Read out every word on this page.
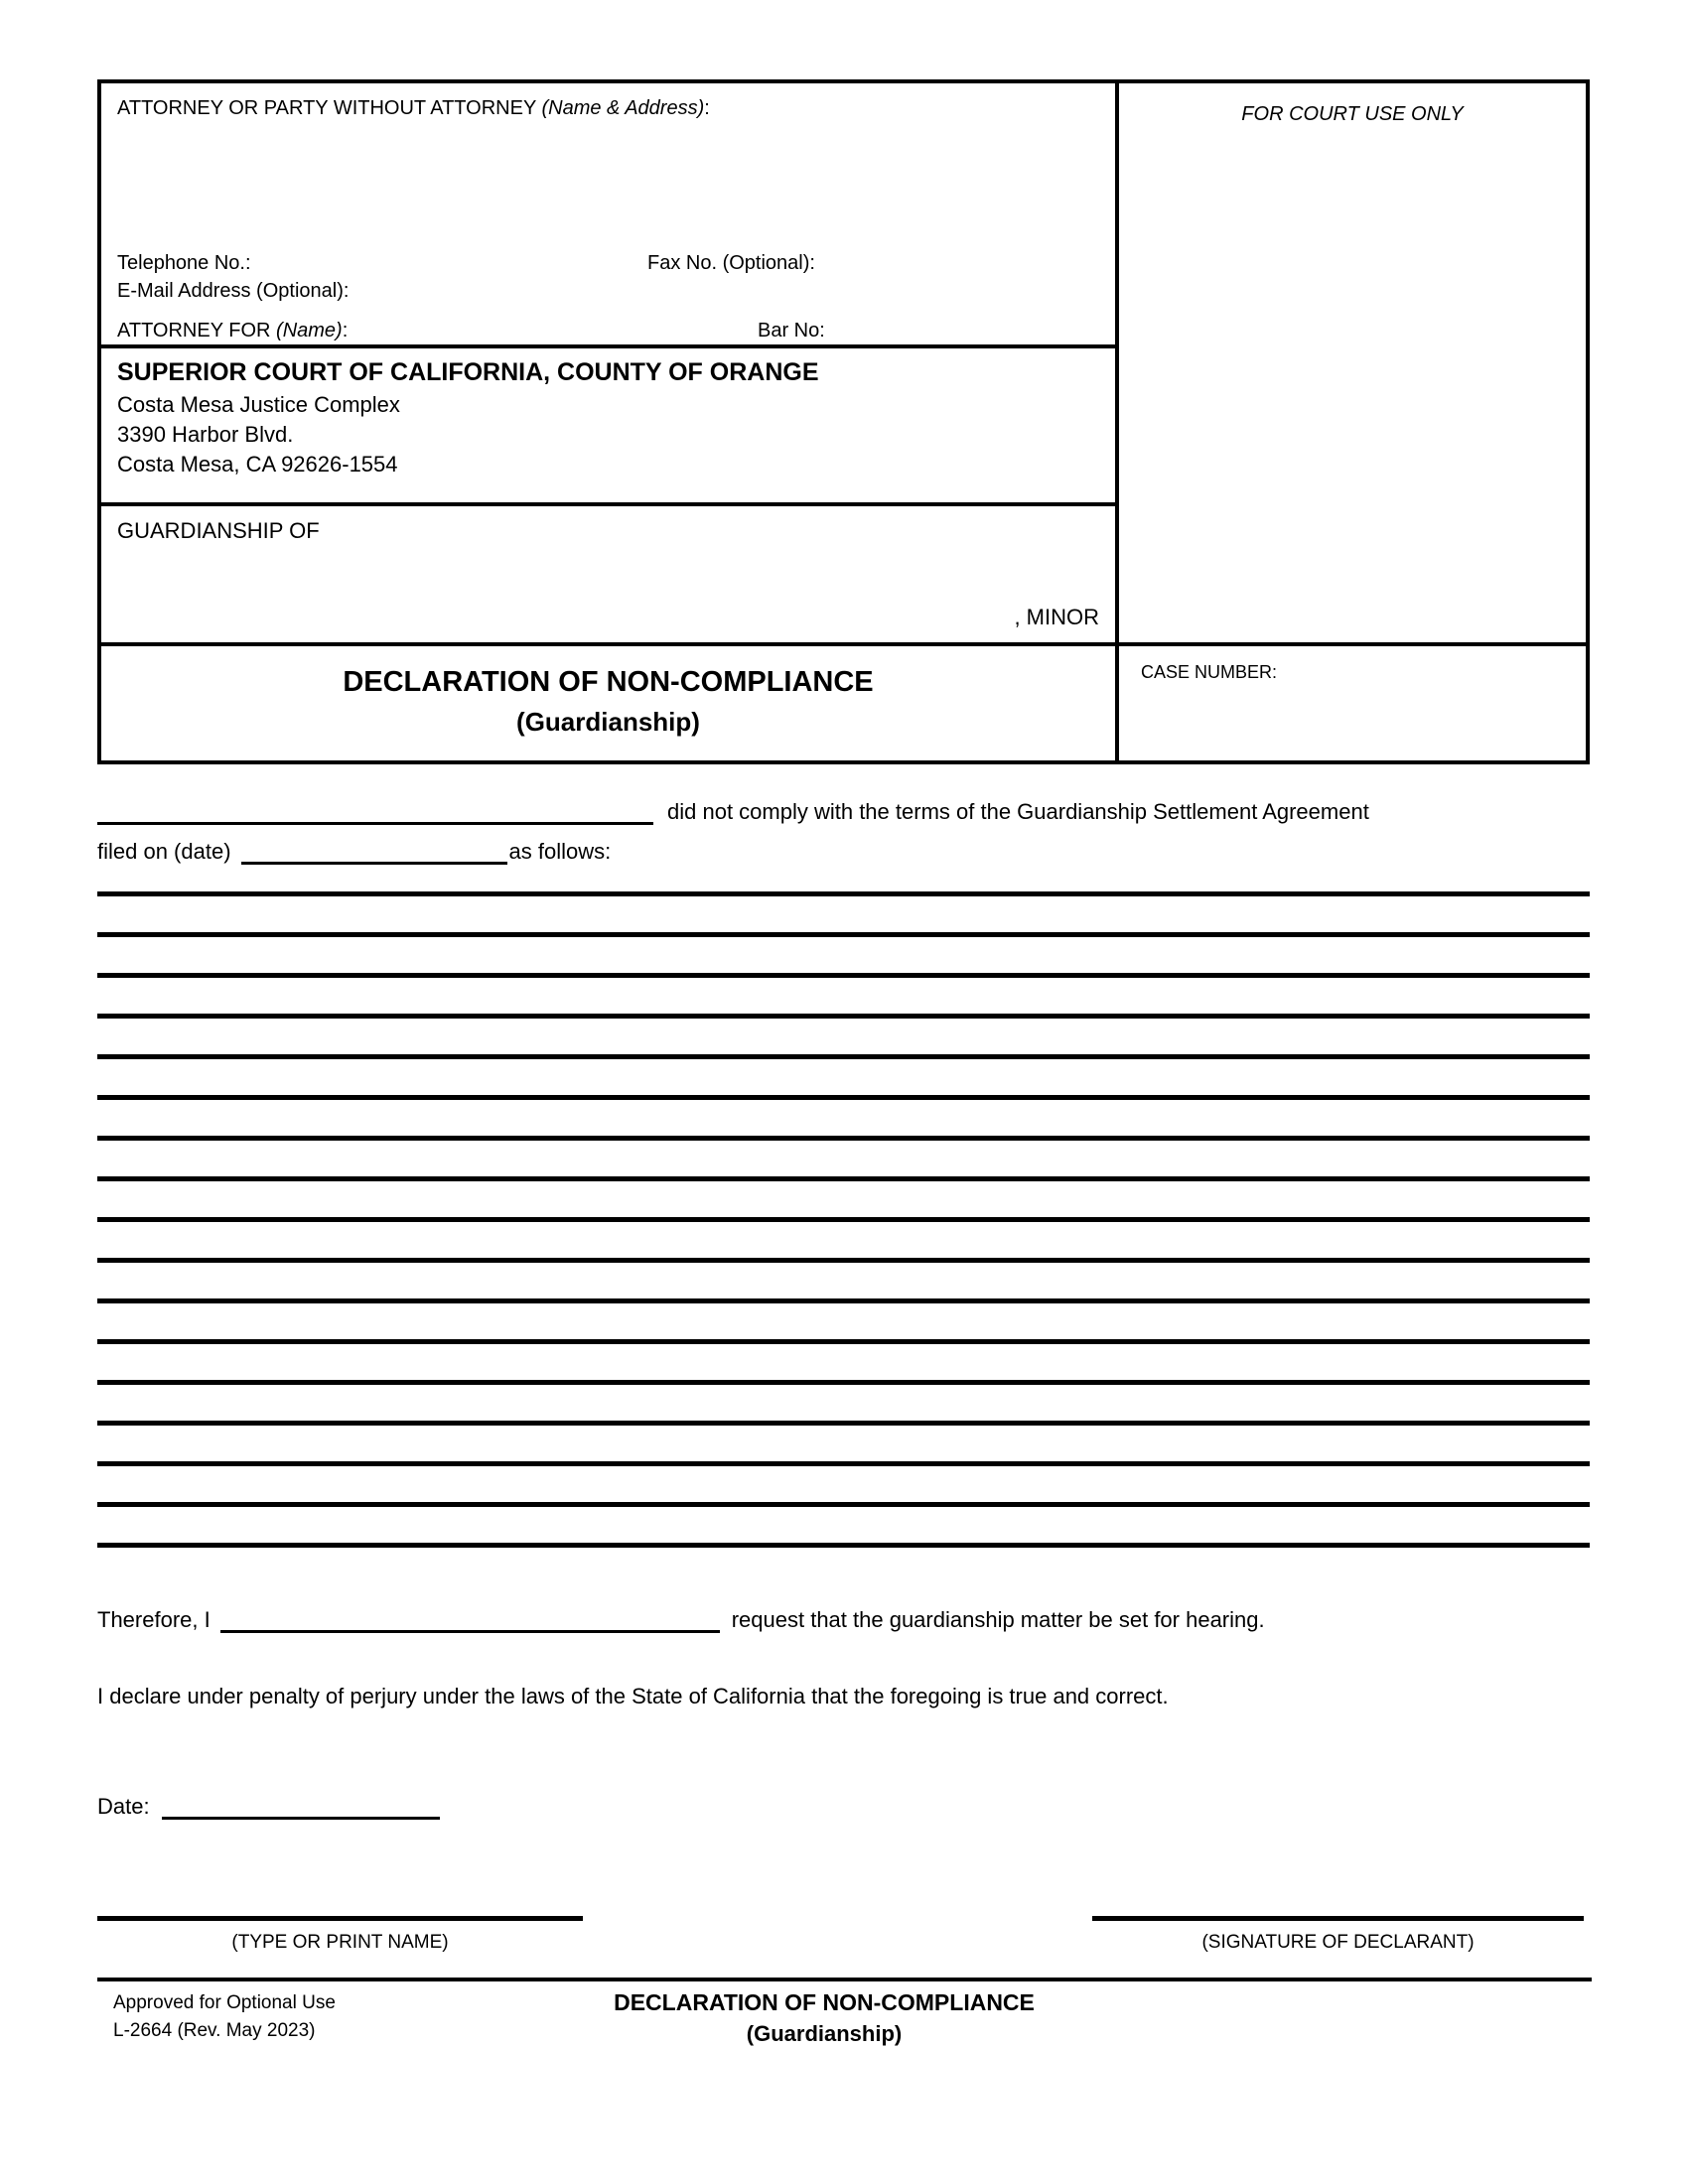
ATTORNEY OR PARTY WITHOUT ATTORNEY (Name & Address):
Telephone No.:	Fax No. (Optional):
E-Mail Address (Optional):
ATTORNEY FOR (Name):	Bar No:
SUPERIOR COURT OF CALIFORNIA, COUNTY OF ORANGE
Costa Mesa Justice Complex
3390 Harbor Blvd.
Costa Mesa, CA 92626-1554
GUARDIANSHIP OF
, MINOR
DECLARATION OF NON-COMPLIANCE
(Guardianship)
FOR COURT USE ONLY
CASE NUMBER:
did not comply with the terms of the Guardianship Settlement Agreement
filed on (date)	as follows:
Therefore, I	request that the guardianship matter be set for hearing.
I declare under penalty of perjury under the laws of the State of California that the foregoing is true and correct.
Date:
(TYPE OR PRINT NAME)	(SIGNATURE OF DECLARANT)
Approved for Optional Use
L-2664 (Rev. May 2023)
DECLARATION OF NON-COMPLIANCE
(Guardianship)
